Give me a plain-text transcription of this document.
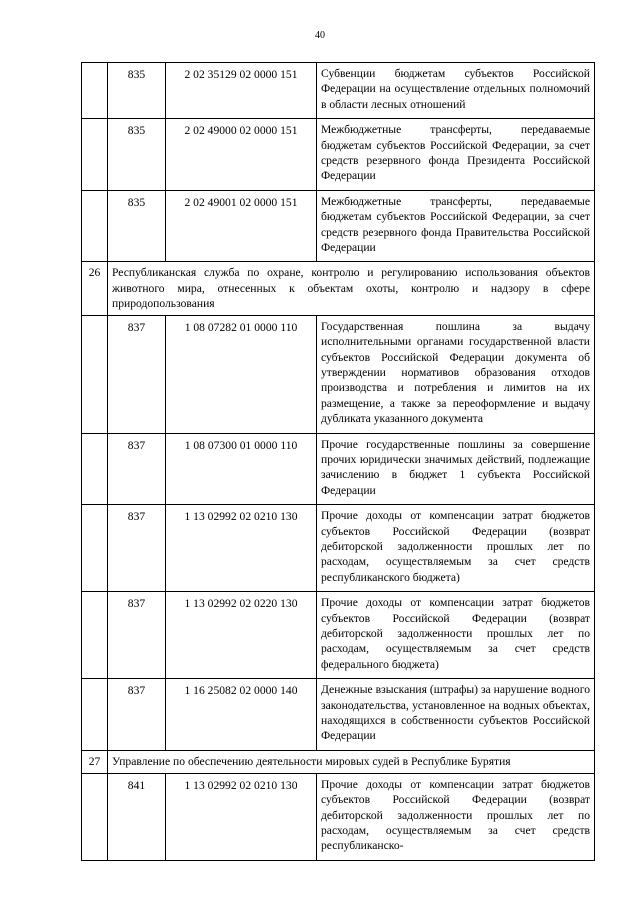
40
	835	2 02 35129 02 0000 151	Субвенции бюджетам субъектов Российской Федерации на осуществление отдельных полномочий в области лесных отношений
	835	2 02 49000 02 0000 151	Межбюджетные трансферты, передаваемые бюджетам субъектов Российской Федерации, за счет средств резервного фонда Президента Российской Федерации
	835	2 02 49001 02 0000 151	Межбюджетные трансферты, передаваемые бюджетам субъектов Российской Федерации, за счет средств резервного фонда Правительства Российской Федерации
26	Республиканская служба по охране, контролю и регулированию использования объектов животного мира, отнесенных к объектам охоты, контролю и надзору в сфере природопользования		
	837	1 08 07282 01 0000 110	Государственная пошлина за выдачу исполнительными органами государственной власти субъектов Российской Федерации документа об утверждении нормативов образования отходов производства и потребления и лимитов на их размещение, а также за переоформление и выдачу дубликата указанного документа
	837	1 08 07300 01 0000 110	Прочие государственные пошлины за совершение прочих юридически значимых действий, подлежащие зачислению в бюджет 1 субъекта Российской Федерации
	837	1 13 02992 02 0210 130	Прочие доходы от компенсации затрат бюджетов субъектов Российской Федерации (возврат дебиторской задолженности прошлых лет по расходам, осуществляемым за счет средств республиканского бюджета)
	837	1 13 02992 02 0220 130	Прочие доходы от компенсации затрат бюджетов субъектов Российской Федерации (возврат дебиторской задолженности прошлых лет по расходам, осуществляемым за счет средств федерального бюджета)
	837	1 16 25082 02 0000 140	Денежные взыскания (штрафы) за нарушение водного законодательства, установленное на водных объектах, находящихся в собственности субъектов Российской Федерации
27	Управление по обеспечению деятельности мировых судей в Республике Бурятия		
	841	1 13 02992 02 0210 130	Прочие доходы от компенсации затрат бюджетов субъектов Российской Федерации (возврат дебиторской задолженности прошлых лет по расходам, осуществляемым за счет средств республиканско-
